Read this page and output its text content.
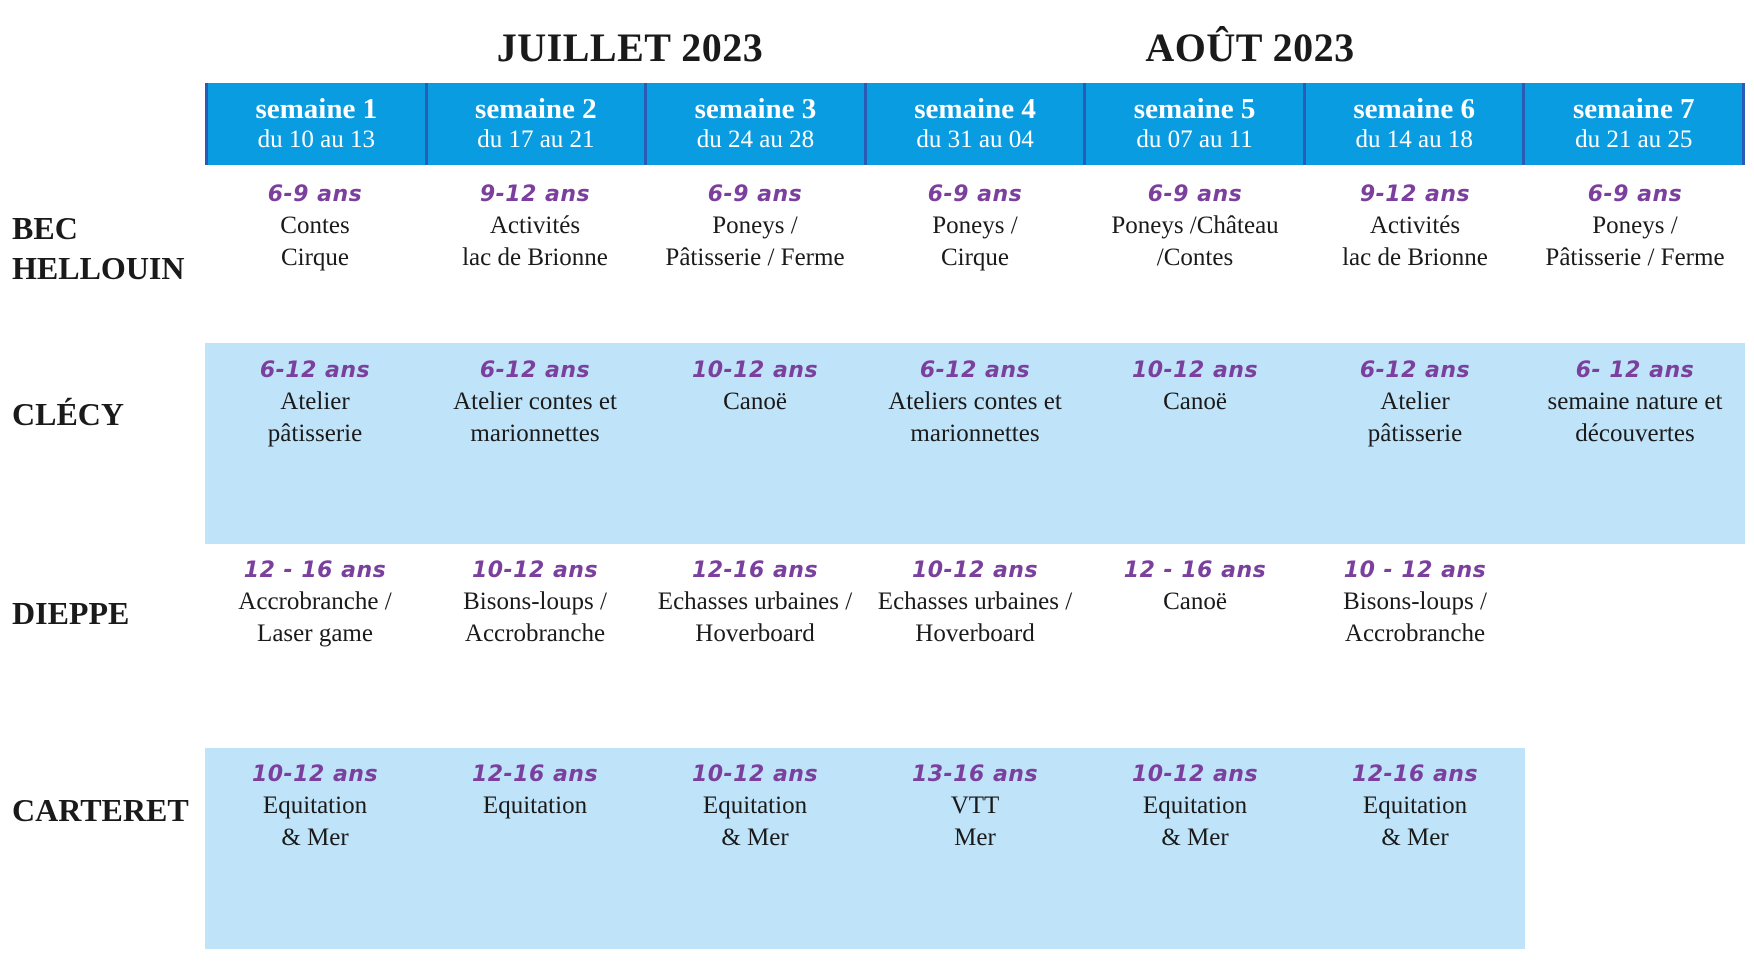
JUILLET 2023	AOÛT 2023
semaine 1
du 10 au 13
semaine 2
du 17 au 21
semaine 3
du 24 au 28
semaine 4
du 31 au 04
semaine 5
du 07 au 11
semaine 6
du 14 au 18
semaine 7
du 21 au 25
BEC
HELLOUIN
CLÉCY
DIEPPE
CARTERET
6-9 ans
Contes
Cirque
9-12 ans
Activités
lac de Brionne
6-9 ans
Poneys /
Pâtisserie / Ferme
6-9 ans
Poneys /
Cirque
6-9 ans
Poneys /Château
/Contes
9-12 ans
Activités
lac de Brionne
6-9 ans
Poneys /
Pâtisserie / Ferme
6-12 ans
Atelier
pâtisserie
6-12 ans
Atelier contes et
marionnettes
10-12 ans
Canoë
6-12 ans
Ateliers contes et
marionnettes
10-12 ans
Canoë
6-12 ans
Atelier
pâtisserie
6- 12 ans
semaine nature et
découvertes
12 - 16 ans
Accrobranche /
Laser game
10-12 ans
Bisons-loups /
Accrobranche
12-16 ans
Echasses urbaines /
Hoverboard
10-12 ans
Echasses urbaines /
Hoverboard
12 - 16 ans
Canoë
10 - 12 ans
Bisons-loups /
Accrobranche
10-12 ans
Equitation
& Mer
12-16 ans
Equitation
10-12 ans
Equitation
& Mer
13-16 ans
VTT
Mer
10-12 ans
Equitation
& Mer
12-16 ans
Equitation
& Mer
